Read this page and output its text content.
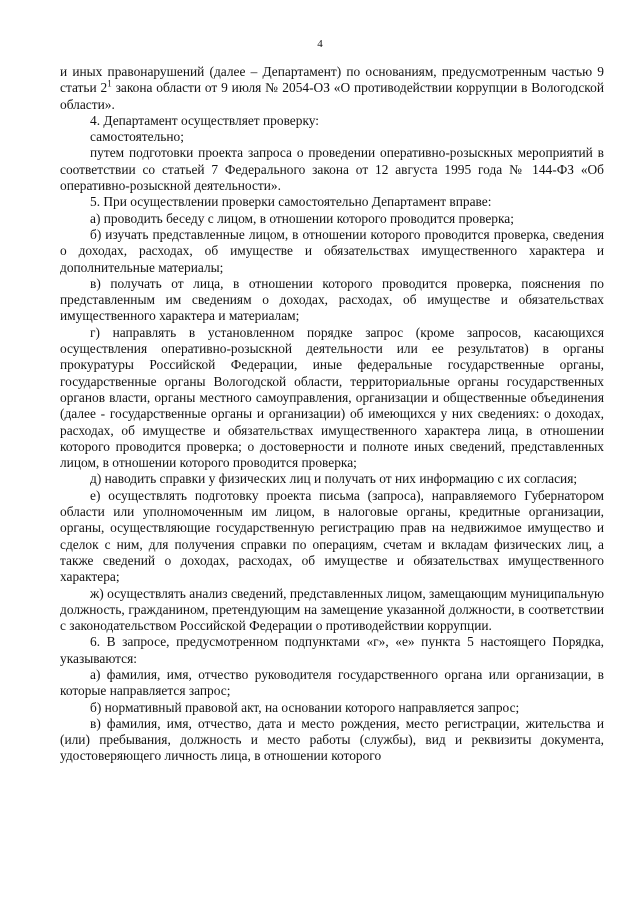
4

и иных правонарушений (далее – Департамент) по основаниям, предусмотренным частью 9 статьи $2^1$ закона области от 9 июля № 2054-ОЗ «О противодействии коррупции в Вологодской области».

4. Департамент осуществляет проверку:

самостоятельно;

путем подготовки проекта запроса о проведении оперативно-розыскных мероприятий в соответствии со статьей 7 Федерального закона от 12 августа 1995 года № 144-ФЗ «Об оперативно-розыскной деятельности».

5. При осуществлении проверки самостоятельно Департамент вправе:

а) проводить беседу с лицом, в отношении которого проводится проверка;

б) изучать представленные лицом, в отношении которого проводится проверка, сведения о доходах, расходах, об имуществе и обязательствах имущественного характера и дополнительные материалы;

в) получать от лица, в отношении которого проводится проверка, пояснения по представленным им сведениям о доходах, расходах, об имуществе и обязательствах имущественного характера и материалам;

г) направлять в установленном порядке запрос (кроме запросов, касающихся осуществления оперативно-розыскной деятельности или ее результатов) в органы прокуратуры Российской Федерации, иные федеральные государственные органы, государственные органы Вологодской области, территориальные органы государственных органов власти, органы местного самоуправления, организации и общественные объединения (далее - государственные органы и организации) об имеющихся у них сведениях: о доходах, расходах, об имуществе и обязательствах имущественного характера лица, в отношении которого проводится проверка; о достоверности и полноте иных сведений, представленных лицом, в отношении которого проводится проверка;

д) наводить справки у физических лиц и получать от них информацию с их согласия;

е) осуществлять подготовку проекта письма (запроса), направляемого Губернатором области или уполномоченным им лицом, в налоговые органы, кредитные организации, органы, осуществляющие государственную регистрацию прав на недвижимое имущество и сделок с ним, для получения справки по операциям, счетам и вкладам физических лиц, а также сведений о доходах, расходах, об имуществе и обязательствах имущественного характера;

ж) осуществлять анализ сведений, представленных лицом, замещающим муниципальную должность, гражданином, претендующим на замещение указанной должности, в соответствии с законодательством Российской Федерации о противодействии коррупции.

6. В запросе, предусмотренном подпунктами «г», «е» пункта 5 настоящего Порядка, указываются:

а) фамилия, имя, отчество руководителя государственного органа или организации, в которые направляется запрос;

б) нормативный правовой акт, на основании которого направляется запрос;

в) фамилия, имя, отчество, дата и место рождения, место регистрации, жительства и (или) пребывания, должность и место работы (службы), вид и реквизиты документа, удостоверяющего личность лица, в отношении которого
